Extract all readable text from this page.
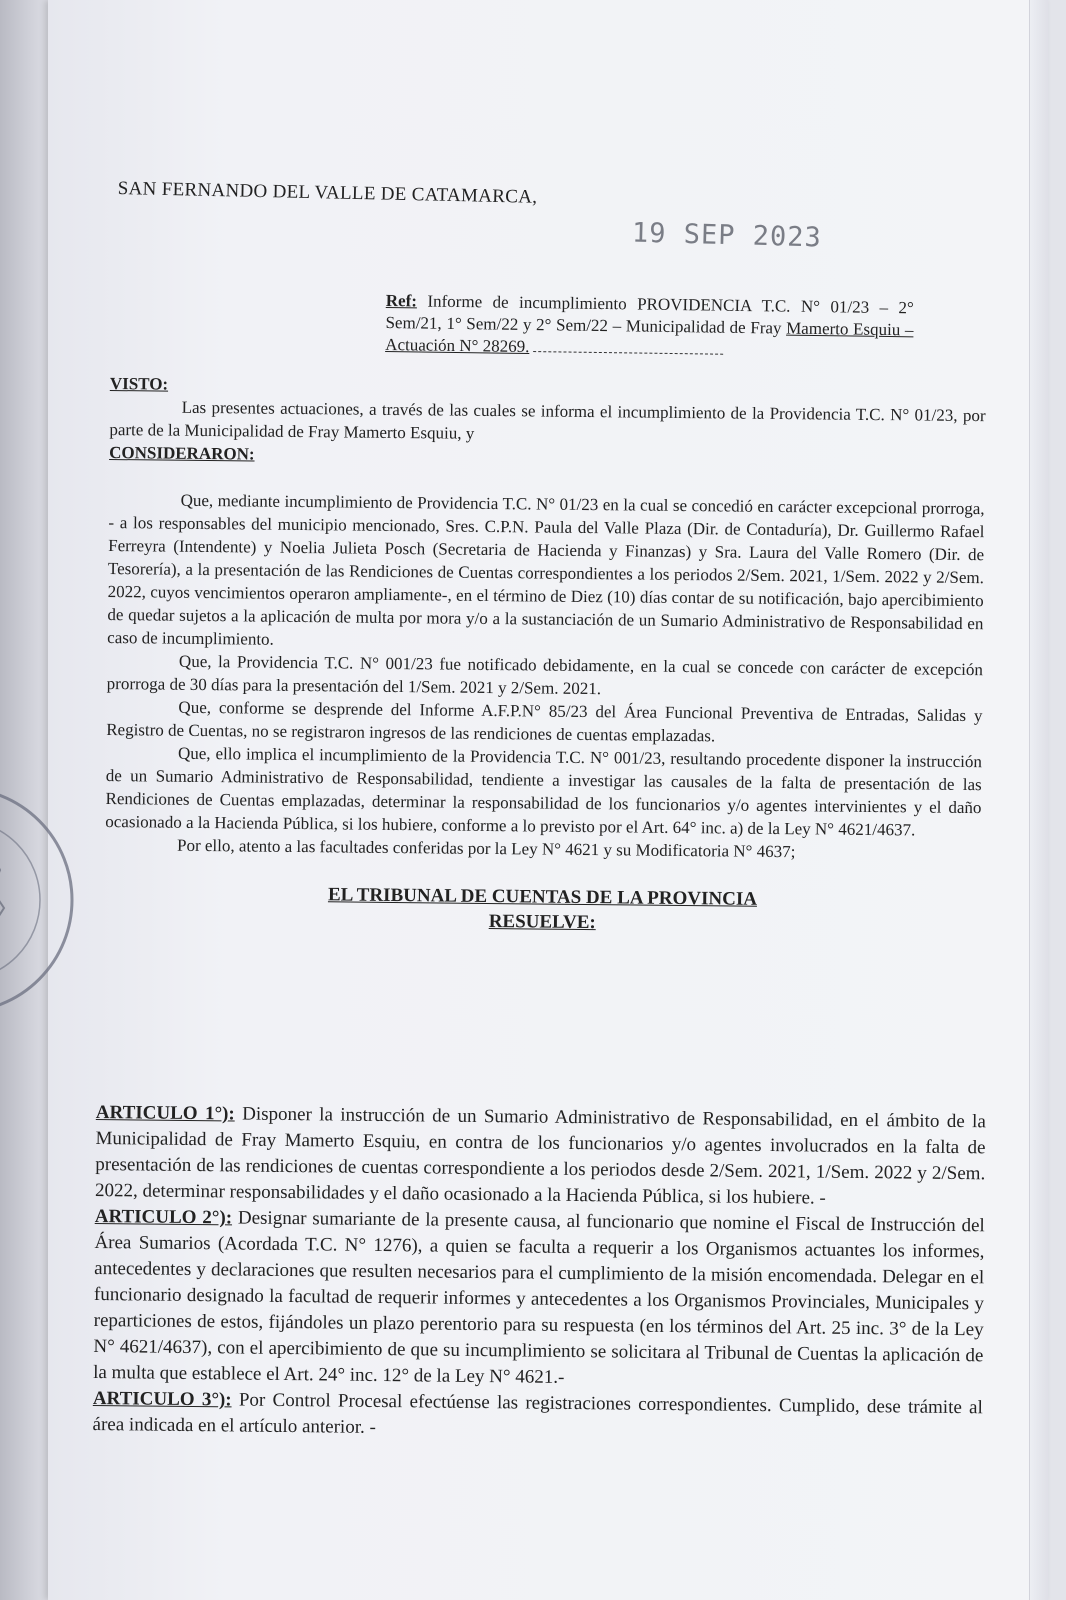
SAN FERNANDO DEL VALLE DE CATAMARCA,
19 SEP 2023
Ref: Informe de incumplimiento PROVIDENCIA T.C. N° 01/23 – 2° Sem/21, 1° Sem/22 y 2° Sem/22 – Municipalidad de Fray Mamerto Esquiu – Actuación N° 28269.

VISTO:

Las presentes actuaciones, a través de las cuales se informa el incumplimiento de la Providencia T.C. N° 01/23, por parte de la Municipalidad de Fray Mamerto Esquiu, y

CONSIDERARON:

Que, mediante incumplimiento de Providencia T.C. N° 01/23 en la cual se concedió en carácter excepcional prorroga, - a los responsables del municipio mencionado, Sres. C.P.N. Paula del Valle Plaza (Dir. de Contaduría), Dr. Guillermo Rafael Ferreyra (Intendente) y Noelia Julieta Posch (Secretaria de Hacienda y Finanzas) y Sra. Laura del Valle Romero (Dir. de Tesorería), a la presentación de las Rendiciones de Cuentas correspondientes a los periodos 2/Sem. 2021, 1/Sem. 2022 y 2/Sem. 2022, cuyos vencimientos operaron ampliamente-, en el término de Diez (10) días contar de su notificación, bajo apercibimiento de quedar sujetos a la aplicación de multa por mora y/o a la sustanciación de un Sumario Administrativo de Responsabilidad en caso de incumplimiento.

Que, la Providencia T.C. N° 001/23 fue notificado debidamente, en la cual se concede con carácter de excepción prorroga de 30 días para la presentación del 1/Sem. 2021 y 2/Sem. 2021.

Que, conforme se desprende del Informe A.F.P.N° 85/23 del Área Funcional Preventiva de Entradas, Salidas y Registro de Cuentas, no se registraron ingresos de las rendiciones de cuentas emplazadas.

Que, ello implica el incumplimiento de la Providencia T.C. N° 001/23, resultando procedente disponer la instrucción de un Sumario Administrativo de Responsabilidad, tendiente a investigar las causales de la falta de presentación de las Rendiciones de Cuentas emplazadas, determinar la responsabilidad de los funcionarios y/o agentes intervinientes y el daño ocasionado a la Hacienda Pública, si los hubiere, conforme a lo previsto por el Art. 64° inc. a) de la Ley N° 4621/4637.

Por ello, atento a las facultades conferidas por la Ley N° 4621 y su Modificatoria N° 4637;

EL TRIBUNAL DE CUENTAS DE LA PROVINCIA

RESUELVE:

ARTICULO 1°): Disponer la instrucción de un Sumario Administrativo de Responsabilidad, en el ámbito de la Municipalidad de Fray Mamerto Esquiu, en contra de los funcionarios y/o agentes involucrados en la falta de presentación de las rendiciones de cuentas correspondiente a los periodos desde 2/Sem. 2021, 1/Sem. 2022 y 2/Sem. 2022, determinar responsabilidades y el daño ocasionado a la Hacienda Pública, si los hubiere. -

ARTICULO 2°): Designar sumariante de la presente causa, al funcionario que nomine el Fiscal de Instrucción del Área Sumarios (Acordada T.C. N° 1276), a quien se faculta a requerir a los Organismos actuantes los informes, antecedentes y declaraciones que resulten necesarios para el cumplimiento de la misión encomendada. Delegar en el funcionario designado la facultad de requerir informes y antecedentes a los Organismos Provinciales, Municipales y reparticiones de estos, fijándoles un plazo perentorio para su respuesta (en los términos del Art. 25 inc. 3° de la Ley N° 4621/4637), con el apercibimiento de que su incumplimiento se solicitara al Tribunal de Cuentas la aplicación de la multa que establece el Art. 24° inc. 12° de la Ley N° 4621.-

ARTICULO 3°): Por Control Procesal efectúense las registraciones correspondientes. Cumplido, dese trámite al área indicada en el artículo anterior. -
